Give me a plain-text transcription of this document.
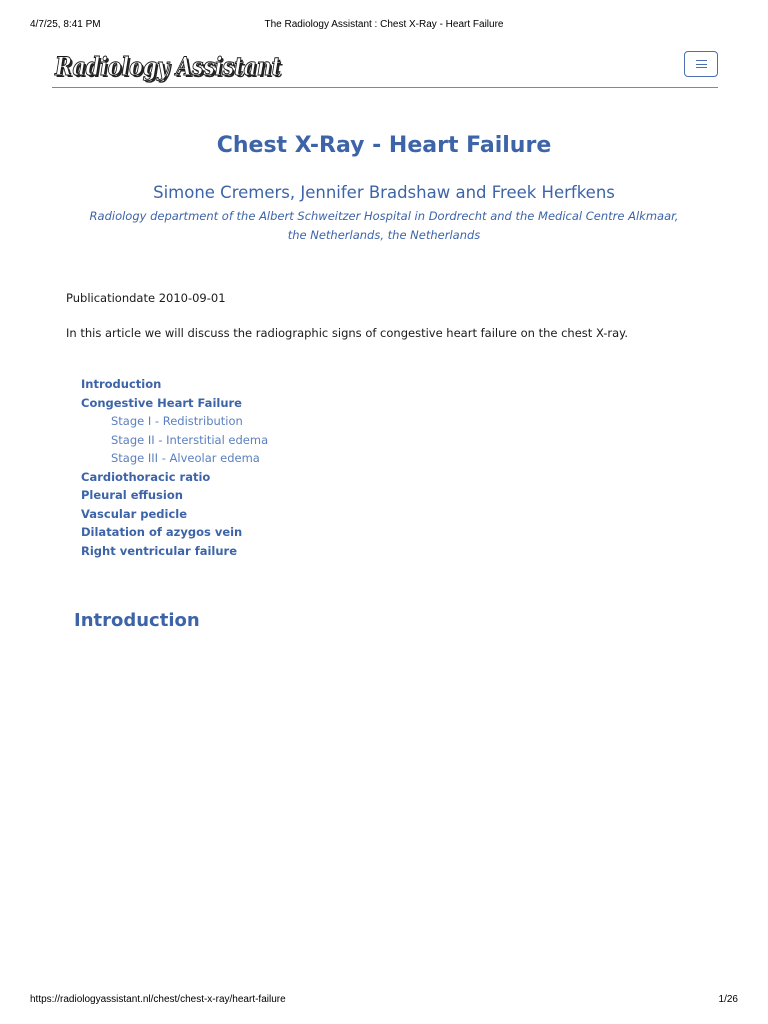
4/7/25, 8:41 PM	The Radiology Assistant : Chest X-Ray - Heart Failure
Radiology Assistant
Radiology Assistant
Chest X-Ray - Heart Failure
Simone Cremers, Jennifer Bradshaw and Freek Herfkens
Radiology department of the Albert Schweitzer Hospital in Dordrecht and the Medical Centre Alkmaar, the Netherlands, the Netherlands
Publicationdate 2010-09-01

In this article we will discuss the radiographic signs of congestive heart failure on the chest X-ray.

Introduction
Congestive Heart Failure
Stage I - Redistribution
Stage II - Interstitial edema
Stage III - Alveolar edema
Cardiothoracic ratio
Pleural effusion
Vascular pedicle
Dilatation of azygos vein
Right ventricular failure
Introduction
https://radiologyassistant.nl/chest/chest-x-ray/heart-failure	1/26
